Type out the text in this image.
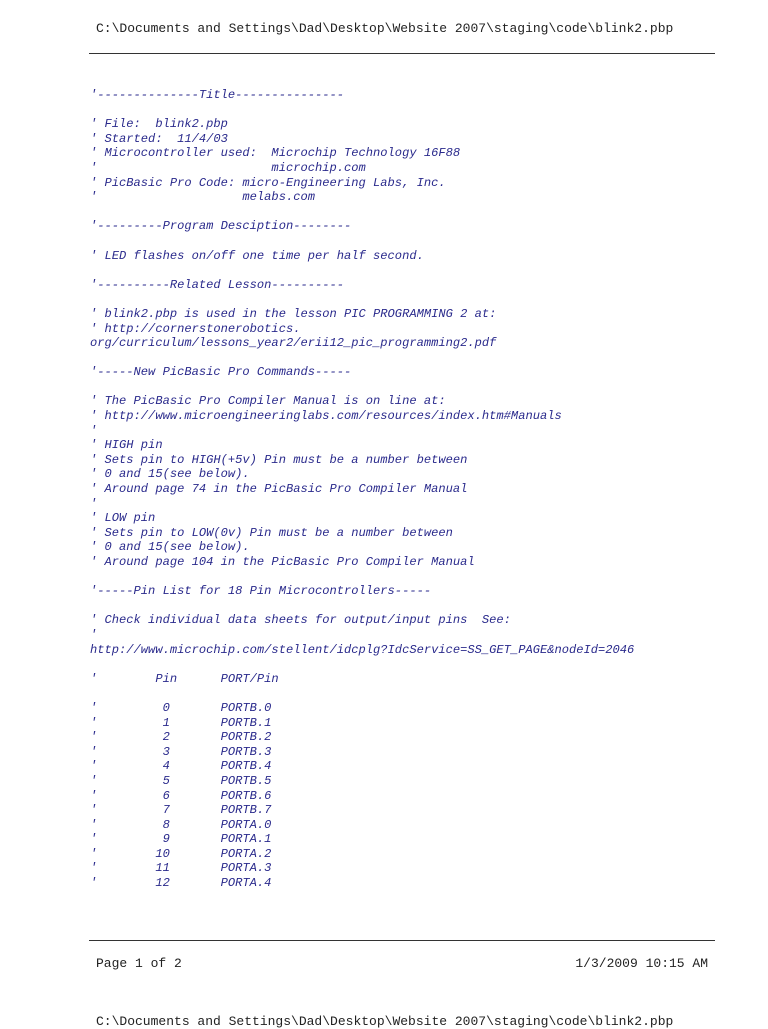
C:\Documents and Settings\Dad\Desktop\Website 2007\staging\code\blink2.pbp
'--------------Title---------------
' File:  blink2.pbp
' Started:  11/4/03
' Microcontroller used:  Microchip Technology 16F88
'                        microchip.com
' PicBasic Pro Code: micro-Engineering Labs, Inc.
'                    melabs.com
'---------Program Desciption--------
' LED flashes on/off one time per half second.
'----------Related Lesson----------
' blink2.pbp is used in the lesson PIC PROGRAMMING 2 at:
' http://cornerstonerobotics.
org/curriculum/lessons_year2/erii12_pic_programming2.pdf
'-----New PicBasic Pro Commands-----
' The PicBasic Pro Compiler Manual is on line at:
' http://www.microengineeringlabs.com/resources/index.htm#Manuals
'
' HIGH pin
' Sets pin to HIGH(+5v) Pin must be a number between
' 0 and 15(see below).
' Around page 74 in the PicBasic Pro Compiler Manual
'
' LOW pin
' Sets pin to LOW(0v) Pin must be a number between
' 0 and 15(see below).
' Around page 104 in the PicBasic Pro Compiler Manual
'-----Pin List for 18 Pin Microcontrollers-----
' Check individual data sheets for output/input pins  See:
'
http://www.microchip.com/stellent/idcplg?IdcService=SS_GET_PAGE&nodeId=2046
'        Pin      PORT/Pin
'         0       PORTB.0
'         1       PORTB.1
'         2       PORTB.2
'         3       PORTB.3
'         4       PORTB.4
'         5       PORTB.5
'         6       PORTB.6
'         7       PORTB.7
'         8       PORTA.0
'         9       PORTA.1
'        10       PORTA.2
'        11       PORTA.3
'        12       PORTA.4
Page 1 of 2	1/3/2009 10:15 AM
C:\Documents and Settings\Dad\Desktop\Website 2007\staging\code\blink2.pbp
